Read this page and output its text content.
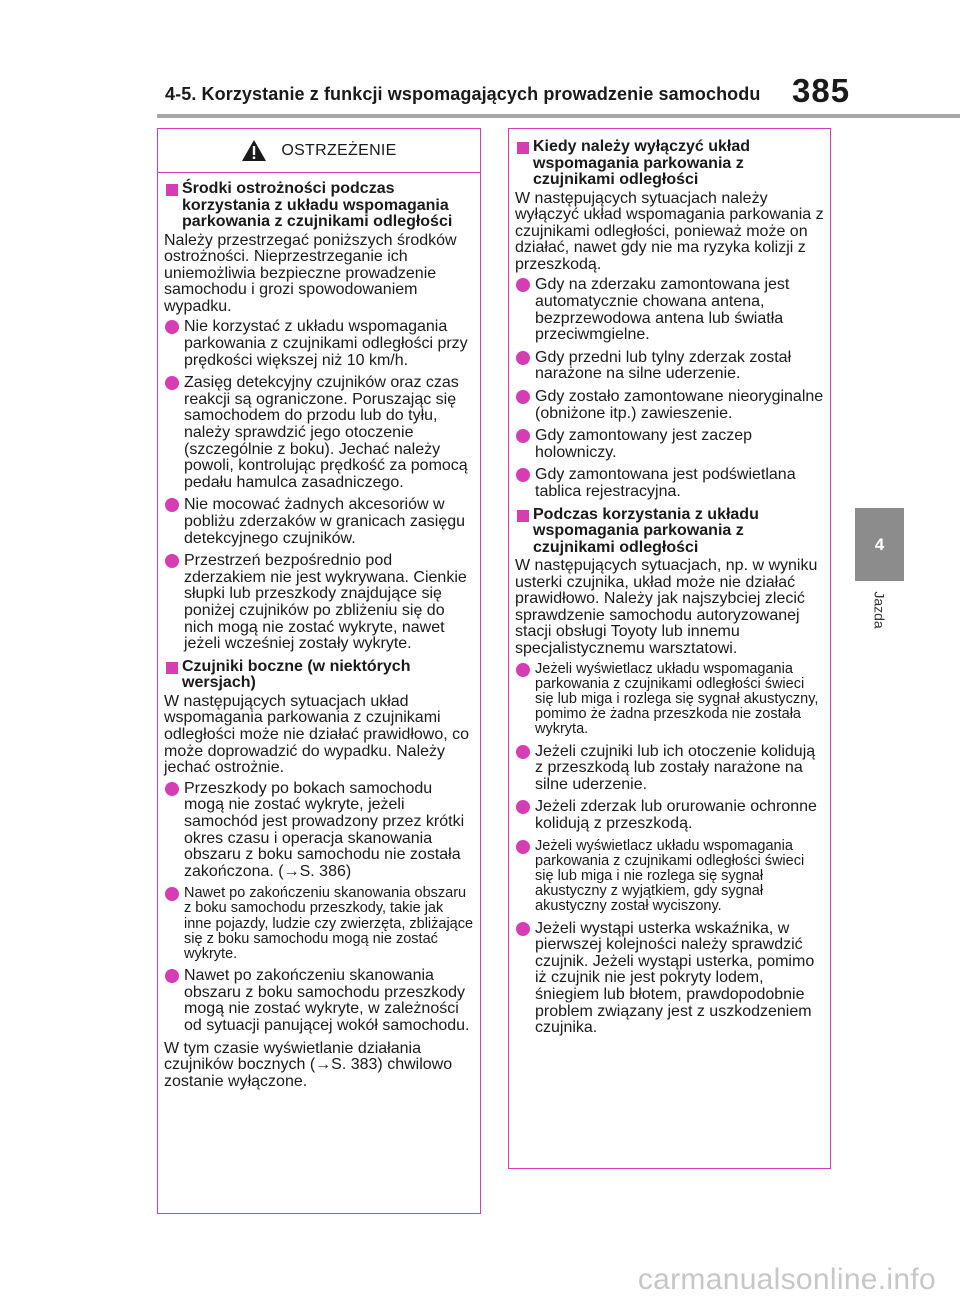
4-5. Korzystanie z funkcji wspomagających prowadzenie samochodu 385
4
Jazda
OSTRZEŻENIE
Środki ostrożności podczas korzystania z układu wspomagania parkowania z czujnikami odległości

Należy przestrzegać poniższych środków ostrożności. Nieprzestrzeganie ich uniemożliwia bezpieczne prowadzenie samochodu i grozi spowodowaniem wypadku.

Nie korzystać z układu wspomagania parkowania z czujnikami odległości przy prędkości większej niż 10 km/h.
Zasięg detekcyjny czujników oraz czas reakcji są ograniczone. Poruszając się samochodem do przodu lub do tyłu, należy sprawdzić jego otoczenie (szczególnie z boku). Jechać należy powoli, kontrolując prędkość za pomocą pedału hamulca zasadniczego.
Nie mocować żadnych akcesoriów w pobliżu zderzaków w granicach zasięgu detekcyjnego czujników.
Przestrzeń bezpośrednio pod zderzakiem nie jest wykrywana. Cienkie słupki lub przeszkody znajdujące się poniżej czujników po zbliżeniu się do nich mogą nie zostać wykryte, nawet jeżeli wcześniej zostały wykryte.
Czujniki boczne (w niektórych wersjach)

W następujących sytuacjach układ wspomagania parkowania z czujnikami odległości może nie działać prawidłowo, co może doprowadzić do wypadku. Należy jechać ostrożnie.

Przeszkody po bokach samochodu mogą nie zostać wykryte, jeżeli samochód jest prowadzony przez krótki okres czasu i operacja skanowania obszaru z boku samochodu nie została zakończona. (→S. 386)
Nawet po zakończeniu skanowania obszaru z boku samochodu przeszkody, takie jak inne pojazdy, ludzie czy zwierzęta, zbliżające się z boku samochodu mogą nie zostać wykryte.
Nawet po zakończeniu skanowania obszaru z boku samochodu przeszkody mogą nie zostać wykryte, w zależności od sytuacji panującej wokół samochodu.

W tym czasie wyświetlanie działania czujników bocznych (→S. 383) chwilowo zostanie wyłączone.

Kiedy należy wyłączyć układ wspomagania parkowania z czujnikami odległości

W następujących sytuacjach należy wyłączyć układ wspomagania parkowania z czujnikami odległości, ponieważ może on działać, nawet gdy nie ma ryzyka kolizji z przeszkodą.

Gdy na zderzaku zamontowana jest automatycznie chowana antena, bezprzewodowa antena lub światła przeciwmgielne.
Gdy przedni lub tylny zderzak został narażone na silne uderzenie.
Gdy zostało zamontowane nieoryginalne (obniżone itp.) zawieszenie.
Gdy zamontowany jest zaczep holowniczy.
Gdy zamontowana jest podświetlana tablica rejestracyjna.
Podczas korzystania z układu wspomagania parkowania z czujnikami odległości

W następujących sytuacjach, np. w wyniku usterki czujnika, układ może nie działać prawidłowo. Należy jak najszybciej zlecić sprawdzenie samochodu autoryzowanej stacji obsługi Toyoty lub innemu specjalistycznemu warsztatowi.

Jeżeli wyświetlacz układu wspomagania parkowania z czujnikami odległości świeci się lub miga i rozlega się sygnał akustyczny, pomimo że żadna przeszkoda nie została wykryta.
Jeżeli czujniki lub ich otoczenie kolidują z przeszkodą lub zostały narażone na silne uderzenie.
Jeżeli zderzak lub orurowanie ochronne kolidują z przeszkodą.
Jeżeli wyświetlacz układu wspomagania parkowania z czujnikami odległości świeci się lub miga i nie rozlega się sygnał akustyczny z wyjątkiem, gdy sygnał akustyczny został wyciszony.
Jeżeli wystąpi usterka wskaźnika, w pierwszej kolejności należy sprawdzić czujnik. Jeżeli wystąpi usterka, pomimo iż czujnik nie jest pokryty lodem, śniegiem lub błotem, prawdopodobnie problem związany jest z uszkodzeniem czujnika.
carmanualsonline.info
